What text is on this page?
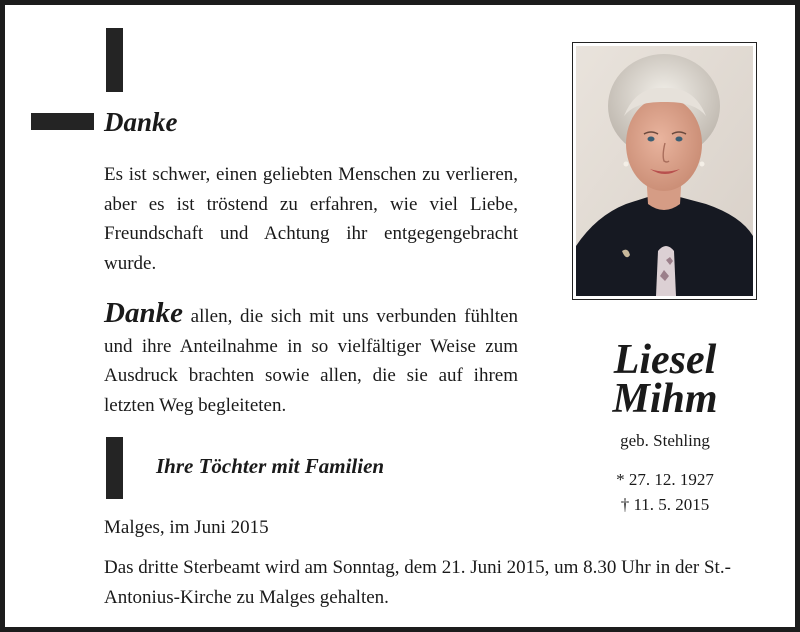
Danke

Es ist schwer, einen geliebten Menschen zu verlieren, aber es ist tröstend zu erfahren, wie viel Liebe, Freundschaft und Achtung ihr entgegengebracht wurde.

Danke allen, die sich mit uns verbunden fühlten und ihre Anteilnahme in so vielfältiger Weise zum Ausdruck brachten sowie allen, die sie auf ihrem letzten Weg begleiteten.

Ihre Töchter mit Familien
Malges, im Juni 2015
Das dritte Sterbeamt wird am Sonntag, dem 21. Juni 2015, um 8.30 Uhr in der St.-Antonius-Kirche zu Malges gehalten.
Liesel
Mihm
geb. Stehling
* 27. 12. 1927
† 11. 5. 2015
